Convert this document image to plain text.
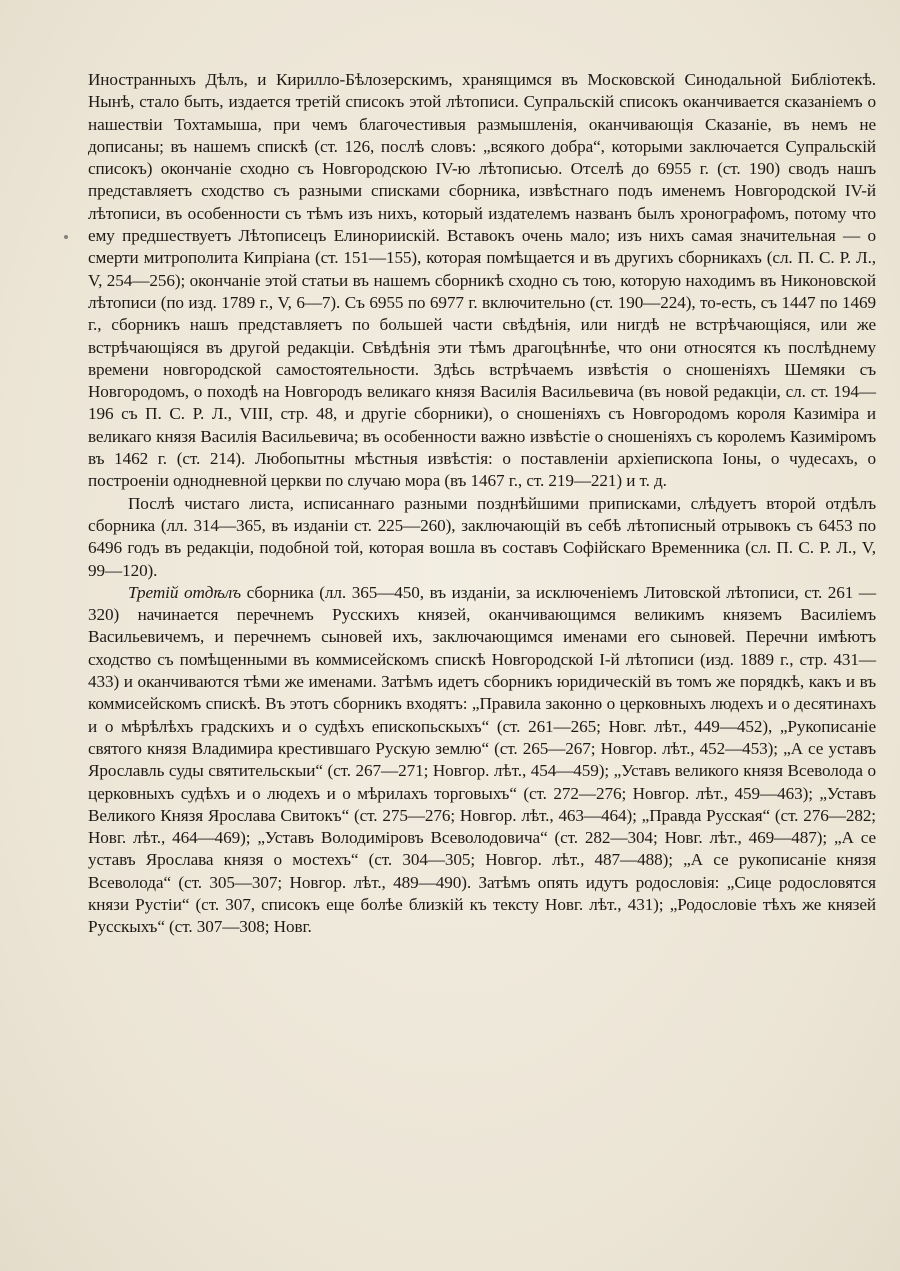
Иностранныхъ Дѣлъ, и Кирилло-Бѣлозерскимъ, хранящимся въ Московской Синодальной Библіотекѣ. Нынѣ, стало быть, издается третій списокъ этой лѣтописи. Супральскій списокъ оканчивается сказаніемъ о нашествіи Тохтамыша, при чемъ благочестивыя размышленія, оканчивающія Сказаніе, въ немъ не дописаны; въ нашемъ спискѣ (ст. 126, послѣ словъ: „всякого добра“, которыми заключается Супральскій списокъ) окончаніе сходно съ Новгородскою IV-ю лѣтописью. Отселѣ до 6955 г. (ст. 190) сводъ нашъ представляетъ сходство съ разными списками сборника, извѣстнаго подъ именемъ Новгородской IV-й лѣтописи, въ особенности съ тѣмъ изъ нихъ, который издателемъ названъ былъ хронографомъ, потому что ему предшествуетъ Лѣтописецъ Елинориискій. Вставокъ очень мало; изъ нихъ самая значительная — о смерти митрополита Кипріана (ст. 151—155), которая помѣщается и въ другихъ сборникахъ (сл. П. С. Р. Л., V, 254—256); окончаніе этой статьи въ нашемъ сборникѣ сходно съ тою, которую находимъ въ Никоновской лѣтописи (по изд. 1789 г., V, 6—7). Съ 6955 по 6977 г. включительно (ст. 190—224), то-есть, съ 1447 по 1469 г., сборникъ нашъ представляетъ по большей части свѣдѣнія, или нигдѣ не встрѣчающіяся, или же встрѣчающіяся въ другой редакціи. Свѣдѣнія эти тѣмъ драгоцѣннѣе, что они относятся къ послѣднему времени новгородской самостоятельности. Здѣсь встрѣчаемъ извѣстія о сношеніяхъ Шемяки съ Новгородомъ, о походѣ на Новгородъ великаго князя Василія Васильевича (въ новой редакціи, сл. ст. 194—196 съ П. С. Р. Л., VIII, стр. 48, и другіе сборники), о сношеніяхъ съ Новгородомъ короля Казиміра и великаго князя Василія Васильевича; въ особенности важно извѣстіе о сношеніяхъ съ королемъ Казиміромъ въ 1462 г. (ст. 214). Любопытны мѣстныя извѣстія: о поставленіи архіепископа Іоны, о чудесахъ, о построеніи однодневной церкви по случаю мора (въ 1467 г., ст. 219—221) и т. д.

Послѣ чистаго листа, исписаннаго разными позднѣйшими приписками, слѣдуетъ второй отдѣлъ сборника (лл. 314—365, въ изданіи ст. 225—260), заключающій въ себѣ лѣтописный отрывокъ съ 6453 по 6496 годъ въ редакціи, подобной той, которая вошла въ составъ Софійскаго Временника (сл. П. С. Р. Л., V, 99—120).

Третій отдѣлъ сборника (лл. 365—450, въ изданіи, за исключеніемъ Литовской лѣтописи, ст. 261 — 320) начинается перечнемъ Русскихъ князей, оканчивающимся великимъ княземъ Василіемъ Васильевичемъ, и перечнемъ сыновей ихъ, заключающимся именами его сыновей. Перечни имѣютъ сходство съ помѣщенными въ коммисейскомъ спискѣ Новгородской I-й лѣтописи (изд. 1889 г., стр. 431—433) и оканчиваются тѣми же именами. Затѣмъ идетъ сборникъ юридическій въ томъ же порядкѣ, какъ и въ коммисейскомъ спискѣ. Въ этотъ сборникъ входятъ: „Правила законно о церковныхъ людехъ и о десятинахъ и о мѣрѣлѣхъ градскихъ и о судѣхъ епископьскыхъ“ (ст. 261—265; Новг. лѣт., 449—452), „Рукописаніе святого князя Владимира крестившаго Рускую землю“ (ст. 265—267; Новгор. лѣт., 452—453); „А се уставъ Ярославль суды святительскыи“ (ст. 267—271; Новгор. лѣт., 454—459); „Уставъ великого князя Всеволода о церковныхъ судѣхъ и о людехъ и о мѣрилахъ торговыхъ“ (ст. 272—276; Новгор. лѣт., 459—463); „Уставъ Великого Князя Ярослава Свитокъ“ (ст. 275—276; Новгор. лѣт., 463—464); „Правда Русская“ (ст. 276—282; Новг. лѣт., 464—469); „Уставъ Володиміровъ Всеволодовича“ (ст. 282—304; Новг. лѣт., 469—487); „А се уставъ Ярослава князя о мостехъ“ (ст. 304—305; Новгор. лѣт., 487—488); „А се рукописаніе князя Всеволода“ (ст. 305—307; Новгор. лѣт., 489—490). Затѣмъ опять идутъ родословія: „Сице родословятся князи Рустіи“ (ст. 307, списокъ еще болѣе близкій къ тексту Новг. лѣт., 431); „Родословіе тѣхъ же князей Русскыхъ“ (ст. 307—308; Новг.
